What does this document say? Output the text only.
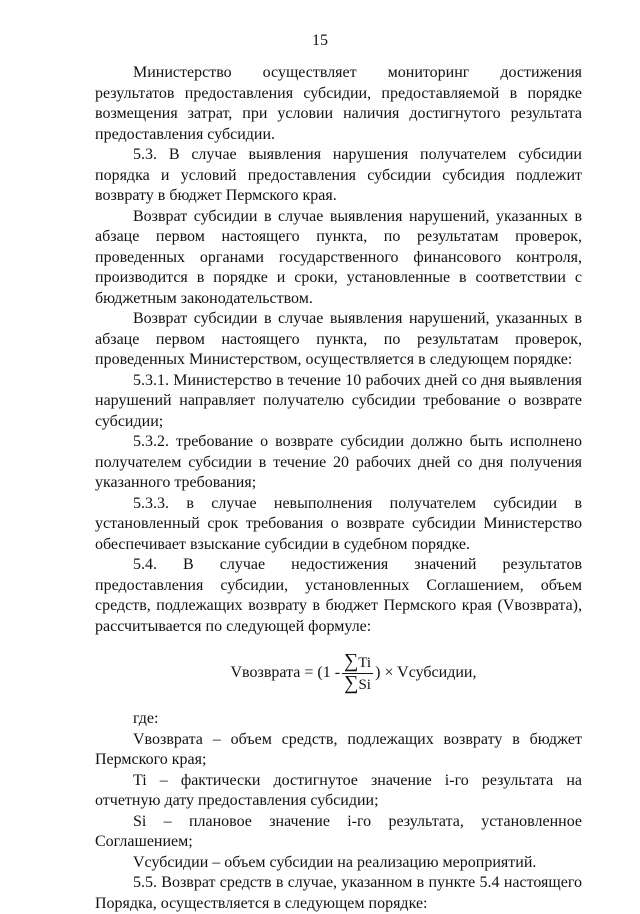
15

Министерство осуществляет мониторинг достижения результатов предоставления субсидии, предоставляемой в порядке возмещения затрат, при условии наличия достигнутого результата предоставления субсидии.

5.3. В случае выявления нарушения получателем субсидии порядка и условий предоставления субсидии субсидия подлежит возврату в бюджет Пермского края.

Возврат субсидии в случае выявления нарушений, указанных в абзаце первом настоящего пункта, по результатам проверок, проведенных органами государственного финансового контроля, производится в порядке и сроки, установленные в соответствии с бюджетным законодательством.

Возврат субсидии в случае выявления нарушений, указанных в абзаце первом настоящего пункта, по результатам проверок, проведенных Министерством, осуществляется в следующем порядке:

5.3.1. Министерство в течение 10 рабочих дней со дня выявления нарушений направляет получателю субсидии требование о возврате субсидии;

5.3.2. требование о возврате субсидии должно быть исполнено получателем субсидии в течение 20 рабочих дней со дня получения указанного требования;

5.3.3. в случае невыполнения получателем субсидии в установленный срок требования о возврате субсидии Министерство обеспечивает взыскание субсидии в судебном порядке.

5.4. В случае недостижения значений результатов предоставления субсидии, установленных Соглашением, объем средств, подлежащих возврату в бюджет Пермского края (Vвозврата), рассчитывается по следующей формуле:

Vвозврата = ($1 - \frac{\sum Ti}{\sum Si}$ ) × Vсубсидии,

где:

Vвозврата – объем средств, подлежащих возврату в бюджет Пермского края;

Ti – фактически достигнутое значение i-го результата на отчетную дату предоставления субсидии;

Si – плановое значение i-го результата, установленное Соглашением;

Vсубсидии – объем субсидии на реализацию мероприятий.

5.5. Возврат средств в случае, указанном в пункте 5.4 настоящего Порядка, осуществляется в следующем порядке:
